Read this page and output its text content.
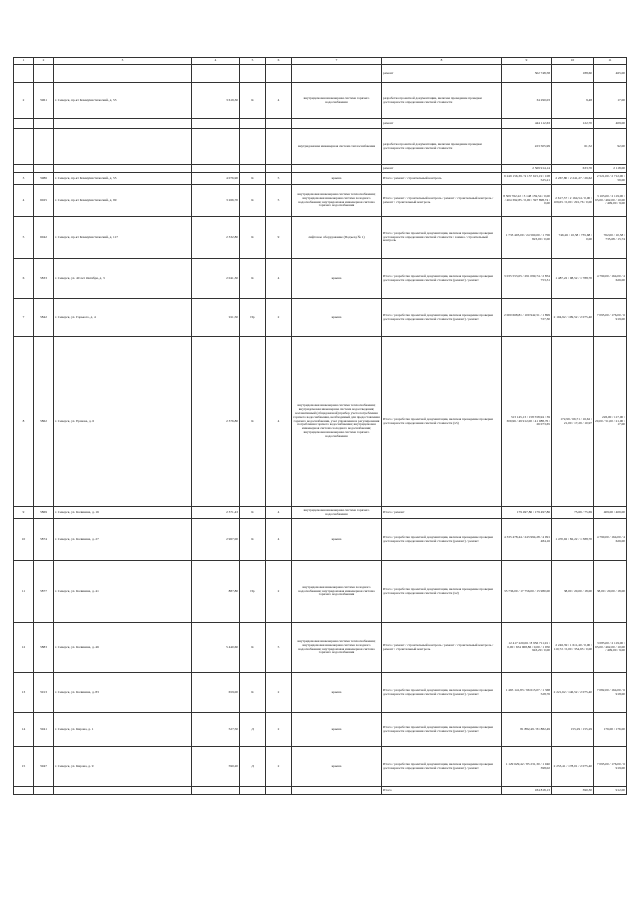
1	2	3	4	5	6	7	8	9	10	11
							ремонт	502 748,58	188,60	465,00
2	5961	г. Северск, пр-кт Коммунистический, д. 53	3 619,30	К	4	внутридомовая инженерная система горячего водоснабжения	разработка проектной документации, включая проведение проверки достоверности определения сметной стоимости	34 290,03	9,48	17,00
							ремонт	444 112,63	122,70	409,00
						внутридомовая инженерная система теплоснабжения	разработка проектной документации, включая проведение проверки достоверности определения сметной стоимости	223 505,99	61,52	92,00
							ремонт	2 569 914,14	633,70	2 118,00
3	5986	г. Северск, пр-кт Коммунистический, д. 55	4 076,90	К	5	крыша	Итого / ремонт / строительный контроль	9 249 156,39 / 9 137 615,19 / 108 525,21	2 267,80 / 2 241,27 / 26,62	2 521,00 / 2 712,00 / 59,00
4	6025	г. Северск, пр-кт Коммунистический, д. 99	3 266,70	К	5	внутридомовая инженерная система теплоснабжения; внутридомовая инженерная система холодного водоснабжения; внутридомовая инженерная система горячего водоснабжения	Итого / ремонт / строительный контроль / ремонт / строительный контроль / ремонт / строительный контроль	8 509 762,22 / 3 148 159,54 / 0,00 / 404 392,85 / 0,00 / 597 898,74 / 0,00	2 617,37 / 2 164,54 / 0,00 / 109,65 / 0,00 / 291,76 / 0,00	3 165,00 / 2 119,00 / 65,00 / 462,00 / 10,00 / 409,00 / 9,00
5	6042	г. Северск, пр-кт Коммунистический, д. 117	2 332,80	К	9	лифтовое оборудование (Подъезд № 1)	Итого / разработка проектной документации, включая проведение проверки достоверности определения сметной стоимости / замена / строительный контроль	1 733 403,00 / 24 560,00 / 1 706 823,00 / 0,00	746,26 / 10,58 / 735,68 / 0,00	762,00 / 10,58 / 735,68 / 15,74
6	5833	г. Северск, ул. 40 лет Октября, д. 3	2 041,30	К	4	крыша	Итого / разработка проектной документации, включая проведение проверки достоверности определения сметной стоимости (ремонт) / ремонт	3 035 553,05 / 291 099,74 / 2 854 753,31	1 487,22 / 98,52 / 1 788,70	4 790,00 / 164,00 / 4 626,00
7	5842	г. Северск, ул. Горького, д. 4	911,50	Пр	2	крыша	Итого / разработка проектной документации, включая проведение проверки достоверности определения сметной стоимости (ремонт) / ремонт	2 000 668,81 / 100 942,51 / 1 899 727,30	2 194,92 / 109,52 / 2 075,40	7 095,00 / 176,00 / 6 919,00
8	5862	г. Северск, ул. Ершова, д. 6	2 376,80	К	4	внутридомовая инженерная система теплоснабжения; внутридомовая инженерная система водоотведения; коллективный (общедомовой) прибор учета потребления горячего водоснабжения, необходимый для предоставления горячего водоснабжения, узел управления и регулирования потребления горячего водоснабжения; внутридомовая инженерная система холодного водоснабжения; внутридомовая инженерная система горячего водоснабжения	Итого / разработка проектной документации, включая проведение проверки достоверности определения сметной стоимости (x5)	313 145,13 / 158 558,94 / 39 309,96 / 49 912,00 / 41 088,76 / 26 073,65	172,99 / 66,71 / 16,62 / 21,00 / 17,29 / 10,97	226,00 / 117,00 / 20,00 / 51,00 / 21,00 / 17,00
9	5869	г. Северск, ул. Калинина, д. 16	2 371,43	К	4	внутридомовая инженерная система горячего водоснабжения	Итого / ремонт	179 497,86 / 179 497,86	75,69 / 75,69	409,00 / 409,00
10	5874	г. Северск, ул. Калинина, д. 27	2 967,00	К	4	крыша	Итого / разработка проектной документации, включая проведение проверки достоверности определения сметной стоимости (ремонт) / ремонт	4 335 478,44 / 243 994,28 / 4 091 484,16	1 470,92 / 82,22 / 1 388,70	4 790,00 / 164,00 / 4 626,00
11	5877	г. Северск, ул. Калинина, д. 41	887,80	Пр	2	внутридомовая инженерная система холодного водоснабжения; внутридомовая инженерная система горячего водоснабжения	Итого / разработка проектной документации, включая проведение проверки достоверности определения сметной стоимости (x2)	33 736,00 / 17 756,00 / 15 980,00	38,00 / 20,00 / 18,00	38,00 / 20,00 / 18,00
12	5883	г. Северск, ул. Калинина, д. 46	5 440,60	К	5	внутридомовая инженерная система теплоснабжения; внутридомовая инженерная система холодного водоснабжения; внутридомовая инженерная система горячего водоснабжения	Итого / ремонт / строительный контроль / ремонт / строительный контроль / ремонт / строительный контроль	12 417 220,06 / 8 956 711,91 / 0,00 / 654 968,86 / 0,00 / 1 950 943,29 / 0,00	2 246,39 / 1 611,40 / 0,00 / 110,72 / 0,00 / 354,93 / 0,00	3 085,00 / 2 119,00 / 65,00 / 462,00 / 10,00 / 409,00 / 9,00
13	5913	г. Северск, ул. Калинина, д. 83	659,00	К	2	крыша	Итого / разработка проектной документации, включая проведение проверки достоверности определения сметной стоимости (ремонт) / ремонт	1 465 141,83 / 96 613,07 / 1 368 528,76	2 221,62 / 146,52 / 2 075,40	7 082,00 / 164,00 / 6 918,00
14	5941	г. Северск, ул. Кирова, д. 1	527,50	Д	2	крыша	Итого / разработка проектной документации, включая проведение проверки достоверности определения сметной стоимости (ремонт) / ремонт	81 882,49 / 81 882,49	155,29 / 155,29	176,00 / 176,00
15	5947	г. Северск, ул. Кирова, д. 9	590,20	Д	2	крыша	Итого / разработка проектной документации, включая проведение проверки достоверности определения сметной стоимости (ремонт) / ремонт	1 129 629,42 / 85 231,30 / 1 040 398,02	2 253,41 / 178,01 / 2 075,40	7 095,00 / 176,00 / 6 919,00
							Итого	184 818,13	390,30	912,00
